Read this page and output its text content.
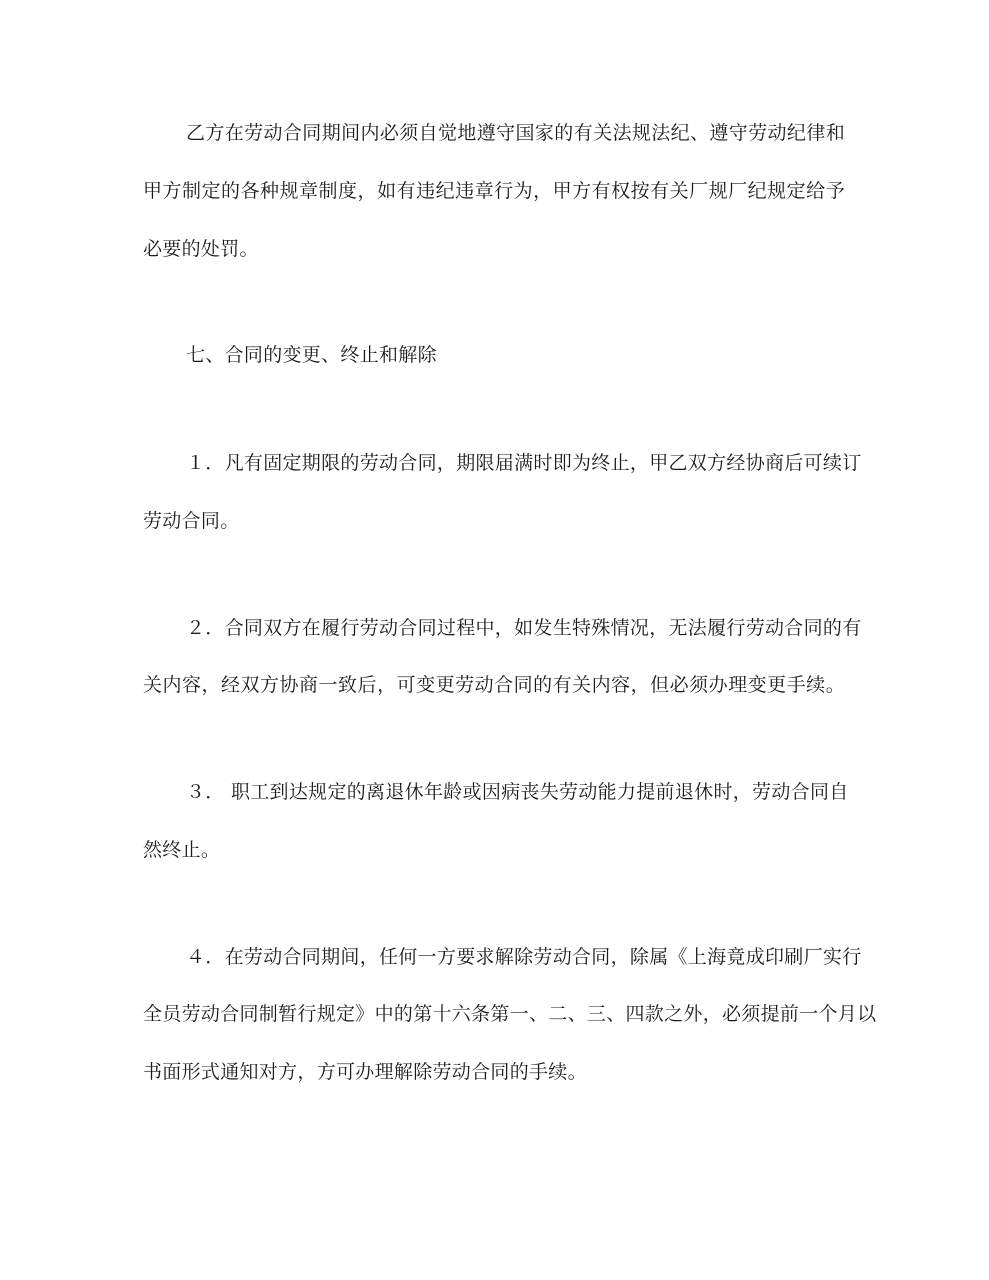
乙方在劳动合同期间内必须自觉地遵守国家的有关法规法纪、遵守劳动纪律和
甲方制定的各种规章制度，如有违纪违章行为，甲方有权按有关厂规厂纪规定给予
必要的处罚。
七、合同的变更、终止和解除
１．凡有固定期限的劳动合同，期限届满时即为终止，甲乙双方经协商后可续订
劳动合同。
２．合同双方在履行劳动合同过程中，如发生特殊情况，无法履行劳动合同的有
关内容，经双方协商一致后，可变更劳动合同的有关内容，但必须办理变更手续。
３． 职工到达规定的离退休年龄或因病丧失劳动能力提前退休时，劳动合同自
然终止。
４．在劳动合同期间，任何一方要求解除劳动合同，除属《上海竟成印刷厂实行
全员劳动合同制暂行规定》中的第十六条第一、二、三、四款之外，必须提前一个月以
书面形式通知对方，方可办理解除劳动合同的手续。
